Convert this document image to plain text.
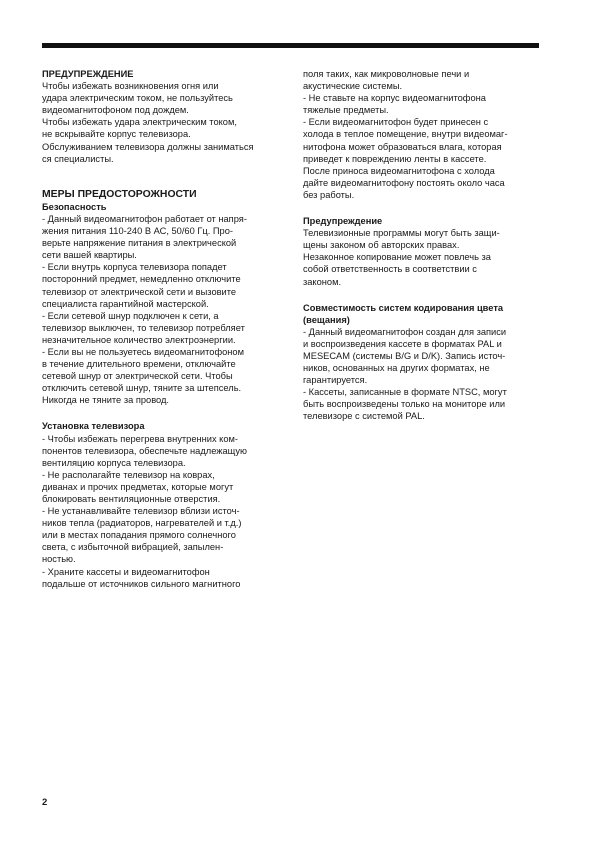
ПРЕДУПРЕЖДЕНИЕ

Чтобы избежать возникновения огня или

удара электрическим током, не пользуйтесь

видеомагнитофоном под дождем.

Чтобы избежать удара электрическим током,

не вскрывайте корпус телевизора.

Обслуживанием телевизора должны заниматься

ся специалисты.

МЕРЫ ПРЕДОСТОРОЖНОСТИ

Безопасность

- Данный видеомагнитофон работает от напря-

жения питания 110-240 В АС, 50/60 Гц. Про-

верьте напряжение питания в электрической

сети вашей квартиры.

- Если внутрь корпуса телевизора попадет

посторонний предмет, немедленно отключите

телевизор от электрической сети и вызовите

специалиста гарантийной мастерской.

- Если сетевой шнур подключен к сети, а

телевизор выключен, то телевизор потребляет

незначительное количество электроэнергии.

- Если вы не пользуетесь видеомагнитофоном

в течение длительного времени, отключайте

сетевой шнур от электрической сети. Чтобы

отключить сетевой шнур, тяните за штепсель.

Никогда не тяните за провод.

Установка телевизора

- Чтобы избежать перегрева внутренних ком-

понентов телевизора, обеспечьте надлежащую

вентиляцию корпуса телевизора.

- Не располагайте телевизор на коврах,

диванах и прочих предметах, которые могут

блокировать вентиляционные отверстия.

- Не устанавливайте телевизор вблизи источ-

ников тепла (радиаторов, нагревателей и т.д.)

или в местах попадания прямого солнечного

света, с избыточной вибрацией, запылен-

ностью.

- Храните кассеты и видеомагнитофон

подальше от источников сильного магнитного

поля таких, как микроволновые печи и

акустические системы.

- Не ставьте на корпус видеомагнитофона

тяжелые предметы.

- Если видеомагнитофон будет принесен с

холода в теплое помещение, внутри видеомаг-

нитофона может образоваться влага, которая

приведет к повреждению ленты в кассете.

После приноса видеомагнитофона с холода

дайте видеомагнитофону постоять около часа

без работы.

Предупреждение

Телевизионные программы могут быть защи-

щены законом об авторских правах.

Незаконное копирование может повлечь за

собой ответственность в соответствии с

законом.

Совместимость систем кодирования цвета

(вещания)

- Данный видеомагнитофон создан для записи

и воспроизведения кассете в форматах PAL и

MESECAM (системы B/G и D/K). Запись источ-

ников, основанных на других форматах, не

гарантируется.

- Кассеты, записанные в формате NTSC, могут

быть воспроизведены только на мониторе или

телевизоре с системой PAL.

2
